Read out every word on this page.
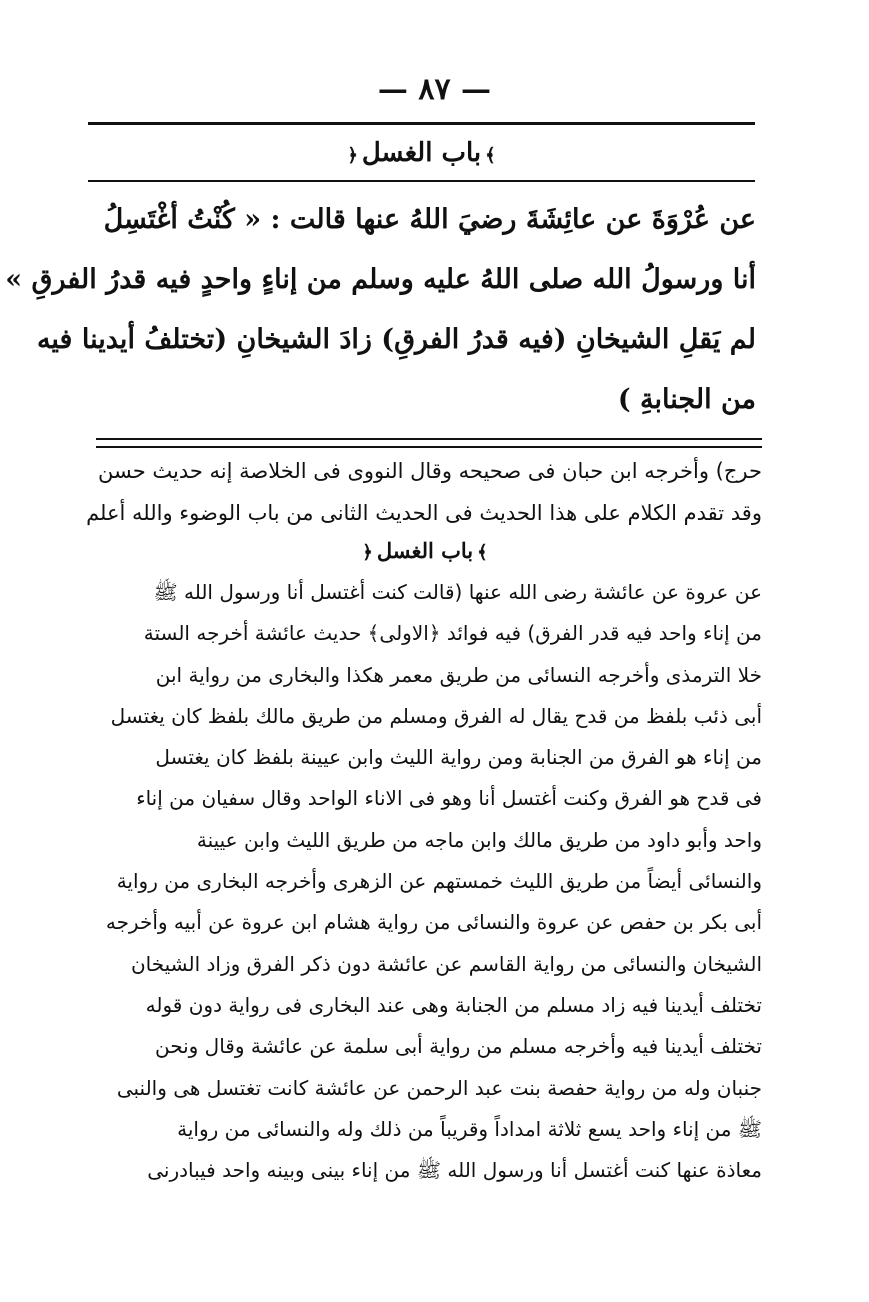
— ٨٧ —
﴾باب الغسل﴿
عن عُرْوَةَ عن عائِشَةَ رضيَ اللهُ عنها قالت : « كُنْتُ أغْتَسِلُ
أنا ورسولُ الله صلى اللهُ عليه وسلم من إناءٍ واحدٍ فيه قدرُ الفرقِ »
لم يَقلِ الشيخانِ (فيه قدرُ الفرقِ) زادَ الشيخانِ (تختلفُ أيدينا فيه
من الجنابةِ )
حرج) وأخرجه ابن حبان فى صحيحه وقال النووى فى الخلاصة إنه حديث حسن
وقد تقدم الكلام على هذا الحديث فى الحديث الثانى من باب الوضوء والله أعلم
﴾باب الغسل﴿
عن عروة عن عائشة رضى الله عنها (قالت كنت أغتسل أنا ورسول الله ﷺ
من إناء واحد فيه قدر الفرق) فيه فوائد ﴿الاولى﴾ حديث عائشة أخرجه الستة
خلا الترمذى وأخرجه النسائى من طريق معمر هكذا والبخارى من رواية ابن
أبى ذئب بلفظ من قدح يقال له الفرق ومسلم من طريق مالك بلفظ كان يغتسل
من إناء هو الفرق من الجنابة ومن رواية الليث وابن عيينة بلفظ كان يغتسل
فى قدح هو الفرق وكنت أغتسل أنا وهو فى الاناء الواحد وقال سفيان من إناء
واحد وأبو داود من طريق مالك وابن ماجه من طريق الليث وابن عيينة
والنسائى أيضاً من طريق الليث خمستهم عن الزهرى وأخرجه البخارى من رواية
أبى بكر بن حفص عن عروة والنسائى من رواية هشام ابن عروة عن أبيه وأخرجه
الشيخان والنسائى من رواية القاسم عن عائشة دون ذكر الفرق وزاد الشيخان
تختلف أيدينا فيه زاد مسلم من الجنابة وهى عند البخارى فى رواية دون قوله
تختلف أيدينا فيه وأخرجه مسلم من رواية أبى سلمة عن عائشة وقال ونحن
جنبان وله من رواية حفصة بنت عبد الرحمن عن عائشة كانت تغتسل هى والنبى
ﷺ من إناء واحد يسع ثلاثة امداداً وقريباً من ذلك وله والنسائى من رواية
معاذة عنها كنت أغتسل أنا ورسول الله ﷺ من إناء بينى وبينه واحد فيبادرنى
